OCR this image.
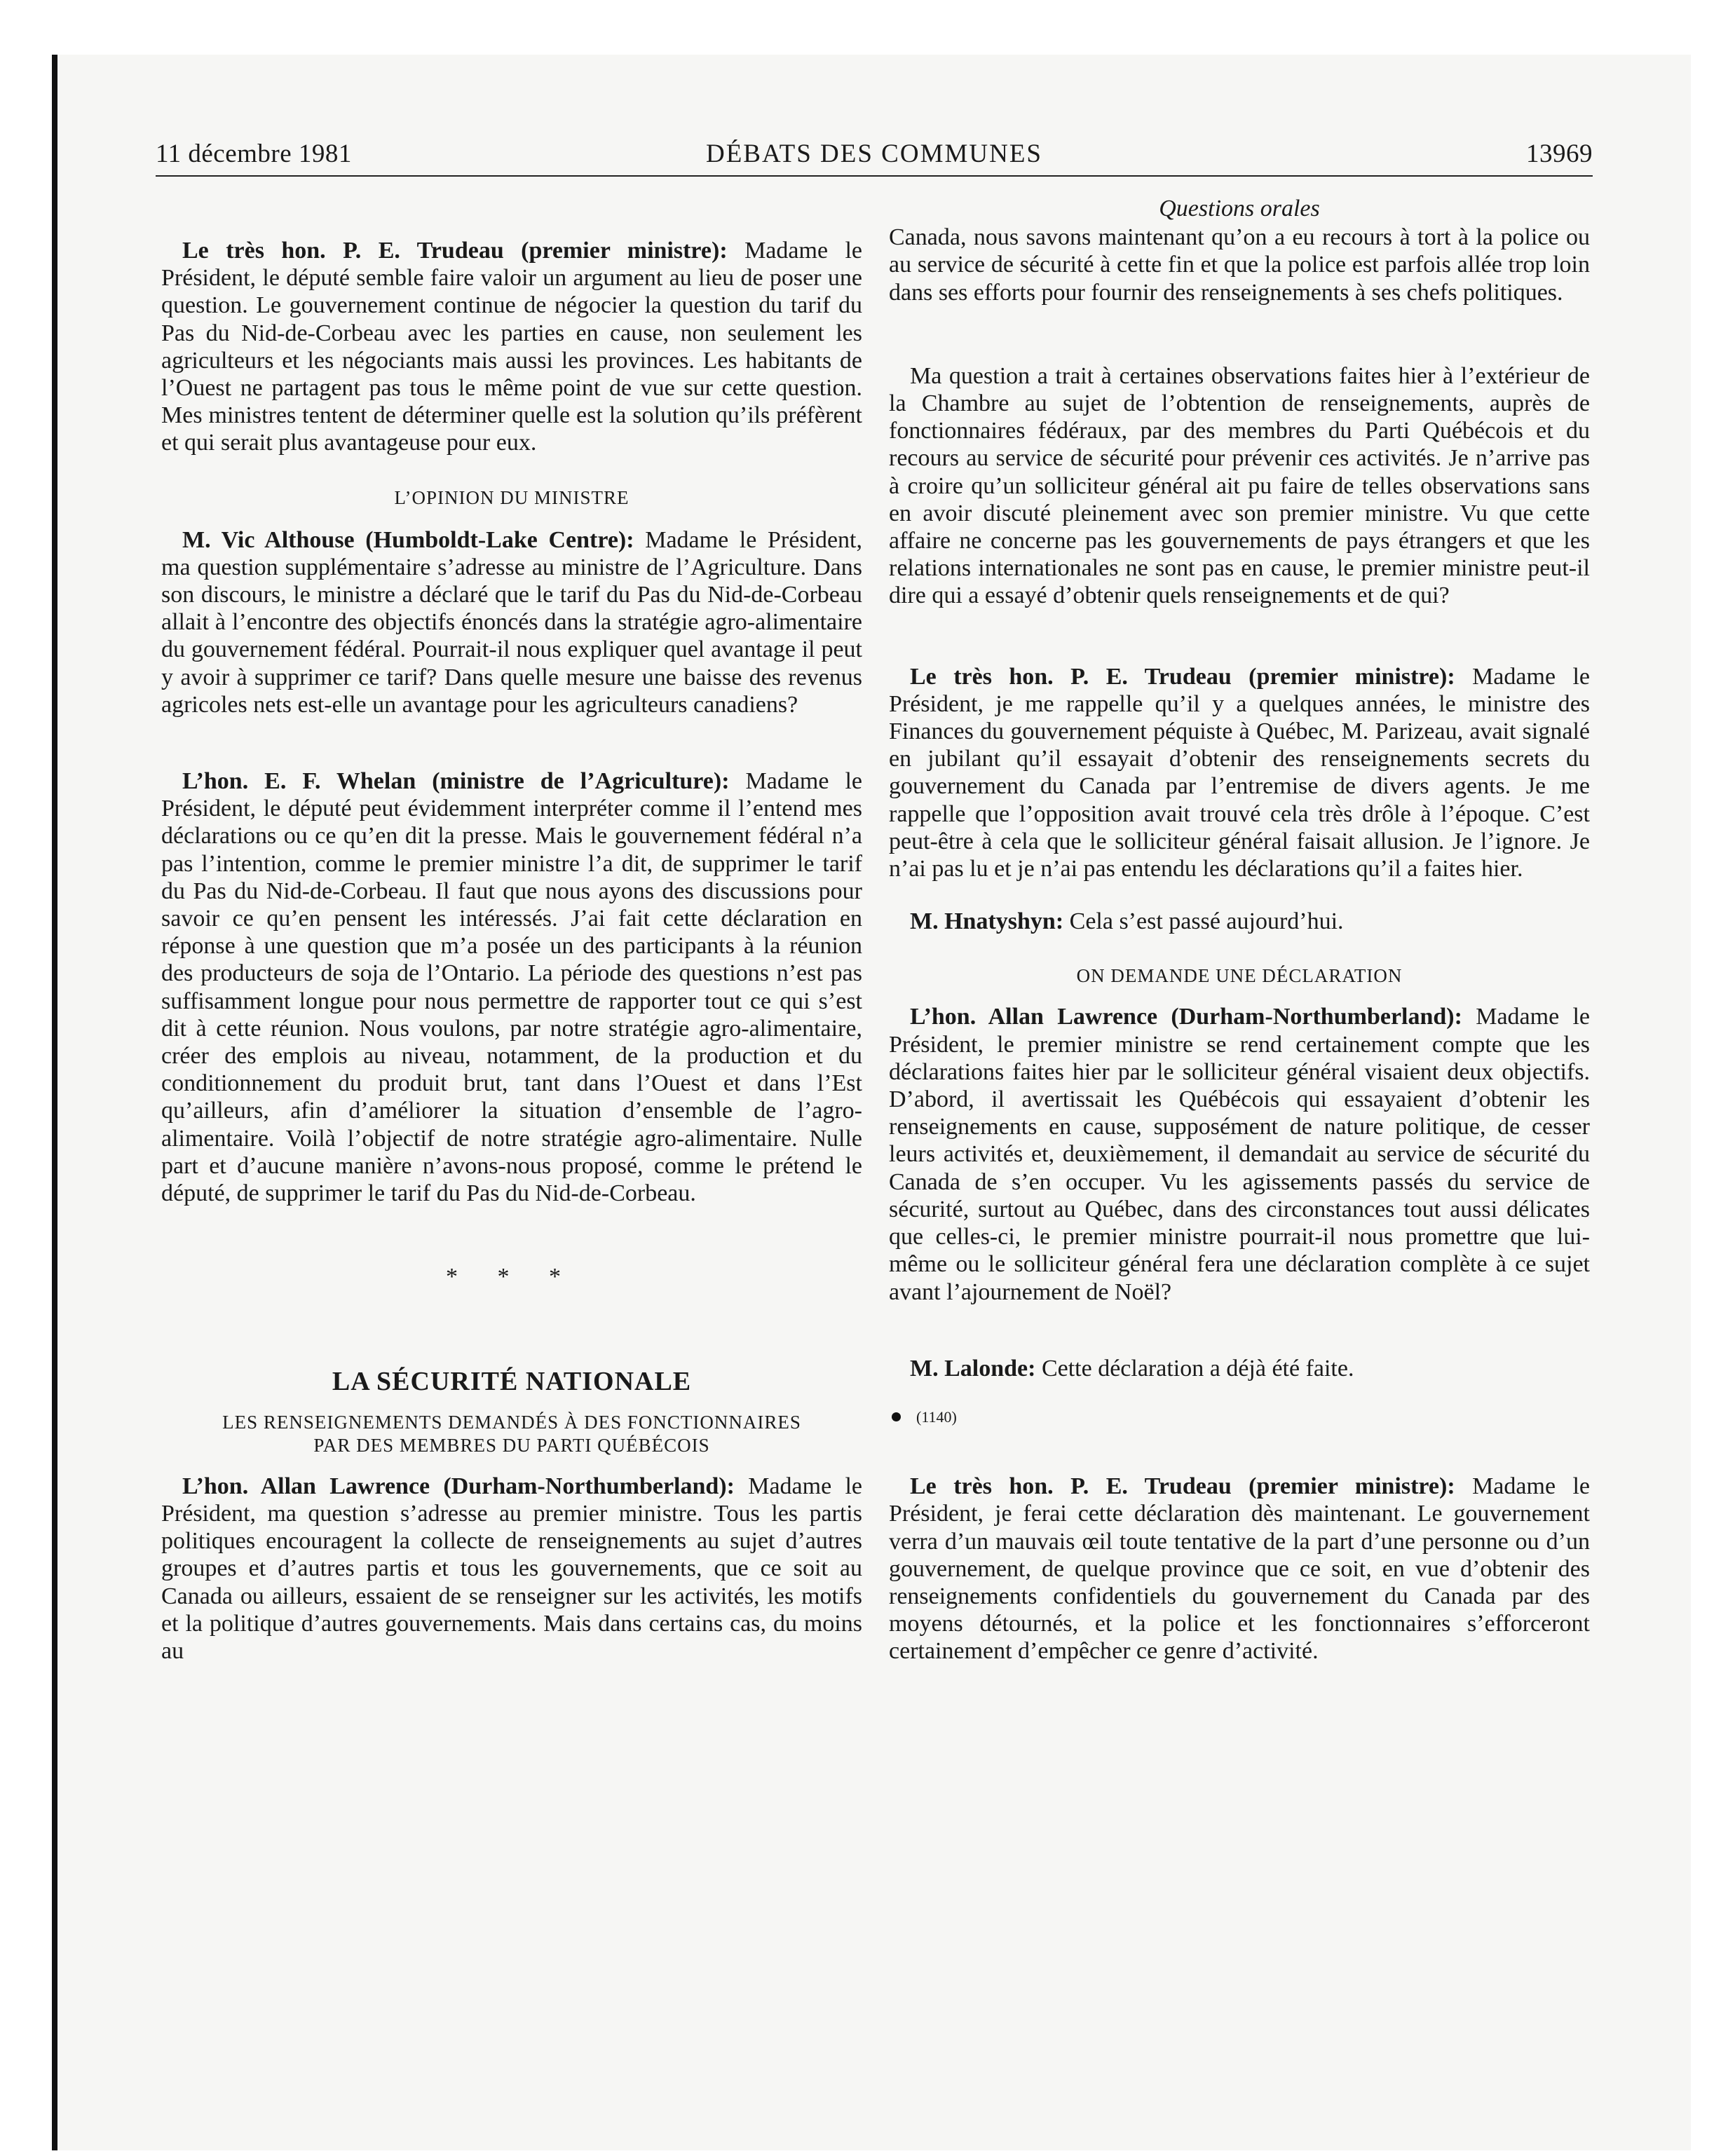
11 décembre 1981	DÉBATS DES COMMUNES	13969

Le très hon. P. E. Trudeau (premier ministre): Madame le Président, le député semble faire valoir un argument au lieu de poser une question. Le gouvernement continue de négocier la question du tarif du Pas du Nid-de-Corbeau avec les parties en cause, non seulement les agriculteurs et les négociants mais aussi les provinces. Les habitants de l’Ouest ne partagent pas tous le même point de vue sur cette question. Mes ministres tentent de déterminer quelle est la solution qu’ils préfèrent et qui serait plus avantageuse pour eux.

L’OPINION DU MINISTRE

M. Vic Althouse (Humboldt-Lake Centre): Madame le Président, ma question supplémentaire s’adresse au ministre de l’Agriculture. Dans son discours, le ministre a déclaré que le tarif du Pas du Nid-de-Corbeau allait à l’encontre des objectifs énoncés dans la stratégie agro-alimentaire du gouvernement fédéral. Pourrait-il nous expliquer quel avantage il peut y avoir à supprimer ce tarif? Dans quelle mesure une baisse des revenus agricoles nets est-elle un avantage pour les agriculteurs canadiens?

L’hon. E. F. Whelan (ministre de l’Agriculture): Madame le Président, le député peut évidemment interpréter comme il l’entend mes déclarations ou ce qu’en dit la presse. Mais le gouvernement fédéral n’a pas l’intention, comme le premier ministre l’a dit, de supprimer le tarif du Pas du Nid-de-Corbeau. Il faut que nous ayons des discussions pour savoir ce qu’en pensent les intéressés. J’ai fait cette déclaration en réponse à une question que m’a posée un des participants à la réunion des producteurs de soja de l’Ontario. La période des questions n’est pas suffisamment longue pour nous permettre de rapporter tout ce qui s’est dit à cette réunion. Nous voulons, par notre stratégie agro-alimentaire, créer des emplois au niveau, notamment, de la production et du conditionnement du produit brut, tant dans l’Ouest et dans l’Est qu’ailleurs, afin d’améliorer la situation d’ensemble de l’agro-alimentaire. Voilà l’objectif de notre stratégie agro-alimentaire. Nulle part et d’aucune manière n’avons-nous proposé, comme le prétend le député, de supprimer le tarif du Pas du Nid-de-Corbeau.

* * *

LA SÉCURITÉ NATIONALE

LES RENSEIGNEMENTS DEMANDÉS À DES FONCTIONNAIRES

PAR DES MEMBRES DU PARTI QUÉBÉCOIS

L’hon. Allan Lawrence (Durham-Northumberland): Madame le Président, ma question s’adresse au premier ministre. Tous les partis politiques encouragent la collecte de renseignements au sujet d’autres groupes et d’autres partis et tous les gouvernements, que ce soit au Canada ou ailleurs, essaient de se renseigner sur les activités, les motifs et la politique d’autres gouvernements. Mais dans certains cas, du moins au

Questions orales

Canada, nous savons maintenant qu’on a eu recours à tort à la police ou au service de sécurité à cette fin et que la police est parfois allée trop loin dans ses efforts pour fournir des renseignements à ses chefs politiques.

Ma question a trait à certaines observations faites hier à l’extérieur de la Chambre au sujet de l’obtention de renseignements, auprès de fonctionnaires fédéraux, par des membres du Parti Québécois et du recours au service de sécurité pour prévenir ces activités. Je n’arrive pas à croire qu’un solliciteur général ait pu faire de telles observations sans en avoir discuté pleinement avec son premier ministre. Vu que cette affaire ne concerne pas les gouvernements de pays étrangers et que les relations internationales ne sont pas en cause, le premier ministre peut-il dire qui a essayé d’obtenir quels renseignements et de qui?

Le très hon. P. E. Trudeau (premier ministre): Madame le Président, je me rappelle qu’il y a quelques années, le ministre des Finances du gouvernement péquiste à Québec, M. Parizeau, avait signalé en jubilant qu’il essayait d’obtenir des renseignements secrets du gouvernement du Canada par l’entremise de divers agents. Je me rappelle que l’opposition avait trouvé cela très drôle à l’époque. C’est peut-être à cela que le solliciteur général faisait allusion. Je l’ignore. Je n’ai pas lu et je n’ai pas entendu les déclarations qu’il a faites hier.

M. Hnatyshyn: Cela s’est passé aujourd’hui.

ON DEMANDE UNE DÉCLARATION

L’hon. Allan Lawrence (Durham-Northumberland): Madame le Président, le premier ministre se rend certainement compte que les déclarations faites hier par le solliciteur général visaient deux objectifs. D’abord, il avertissait les Québécois qui essayaient d’obtenir les renseignements en cause, supposément de nature politique, de cesser leurs activités et, deuxièmement, il demandait au service de sécurité du Canada de s’en occuper. Vu les agissements passés du service de sécurité, surtout au Québec, dans des circonstances tout aussi délicates que celles-ci, le premier ministre pourrait-il nous promettre que lui-même ou le solliciteur général fera une déclaration complète à ce sujet avant l’ajournement de Noël?

M. Lalonde: Cette déclaration a déjà été faite.

(1140)

Le très hon. P. E. Trudeau (premier ministre): Madame le Président, je ferai cette déclaration dès maintenant. Le gouvernement verra d’un mauvais œil toute tentative de la part d’une personne ou d’un gouvernement, de quelque province que ce soit, en vue d’obtenir des renseignements confidentiels du gouvernement du Canada par des moyens détournés, et la police et les fonctionnaires s’efforceront certainement d’empêcher ce genre d’activité.
